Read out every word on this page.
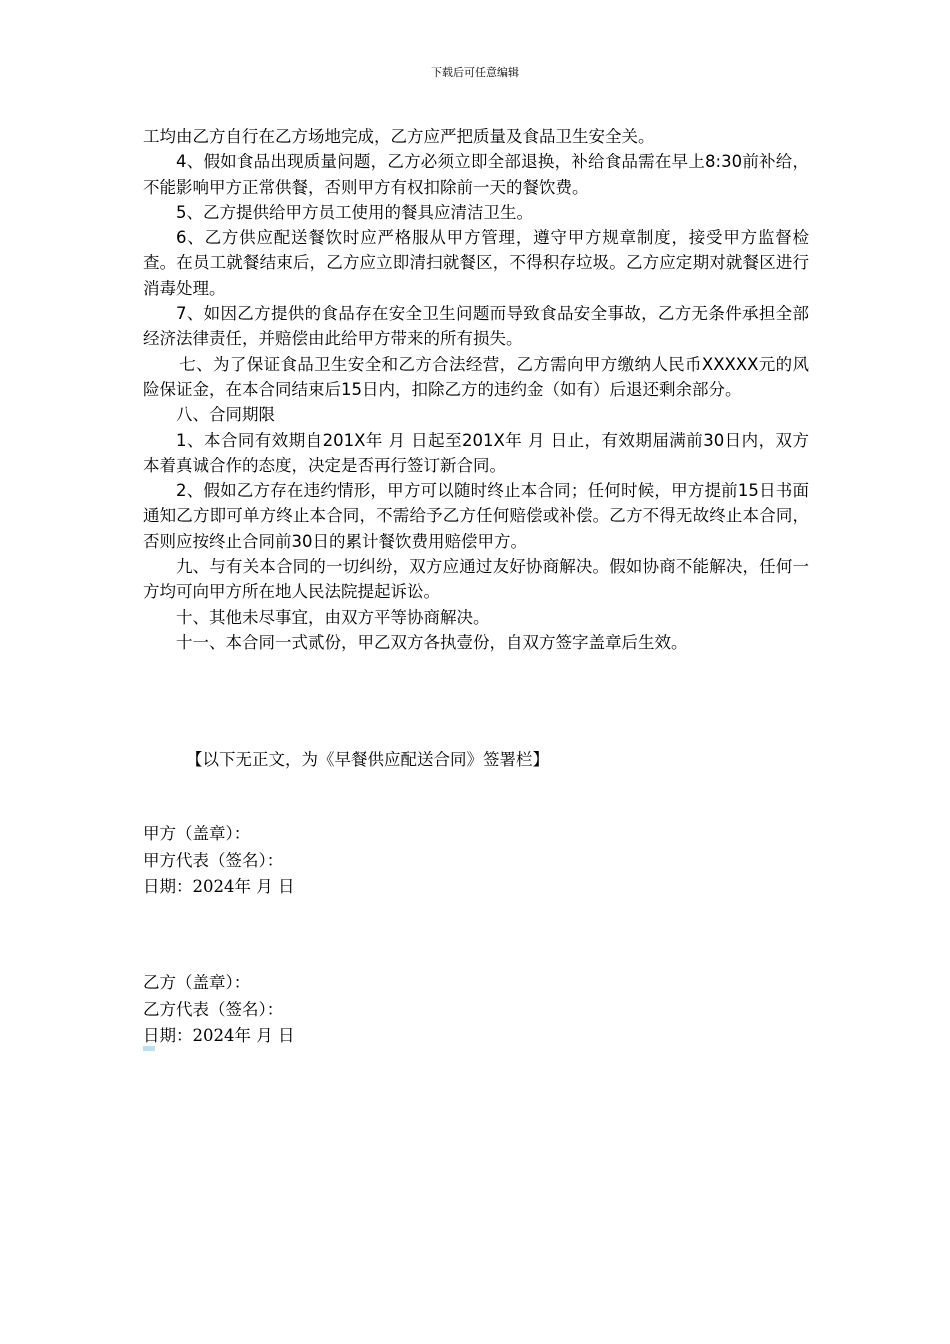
下载后可任意编辑

工均由乙方自行在乙方场地完成，乙方应严把质量及食品卫生安全关。

4、假如食品出现质量问题，乙方必须立即全部退换，补给食品需在早上8:30前补给，不能影响甲方正常供餐，否则甲方有权扣除前一天的餐饮费。

5、乙方提供给甲方员工使用的餐具应清洁卫生。

6、乙方供应配送餐饮时应严格服从甲方管理，遵守甲方规章制度，接受甲方监督检查。在员工就餐结束后，乙方应立即清扫就餐区，不得积存垃圾。乙方应定期对就餐区进行消毒处理。

7、如因乙方提供的食品存在安全卫生问题而导致食品安全事故，乙方无条件承担全部经济法律责任，并赔偿由此给甲方带来的所有损失。

七、为了保证食品卫生安全和乙方合法经营，乙方需向甲方缴纳人民币XXXXX元的风险保证金，在本合同结束后15日内，扣除乙方的违约金（如有）后退还剩余部分。

八、合同期限

1、本合同有效期自201X年 月 日起至201X年 月 日止，有效期届满前30日内，双方本着真诚合作的态度，决定是否再行签订新合同。

2、假如乙方存在违约情形，甲方可以随时终止本合同；任何时候，甲方提前15日书面通知乙方即可单方终止本合同，不需给予乙方任何赔偿或补偿。乙方不得无故终止本合同，否则应按终止合同前30日的累计餐饮费用赔偿甲方。

九、与有关本合同的一切纠纷，双方应通过友好协商解决。假如协商不能解决，任何一方均可向甲方所在地人民法院提起诉讼。

十、其他未尽事宜，由双方平等协商解决。

十一、本合同一式贰份，甲乙双方各执壹份，自双方签字盖章后生效。

【以下无正文，为《早餐供应配送合同》签署栏】
甲方（盖章）：
甲方代表（签名）：
日期：2024年 月 日
乙方（盖章）：
乙方代表（签名）：
日期：2024年 月 日
